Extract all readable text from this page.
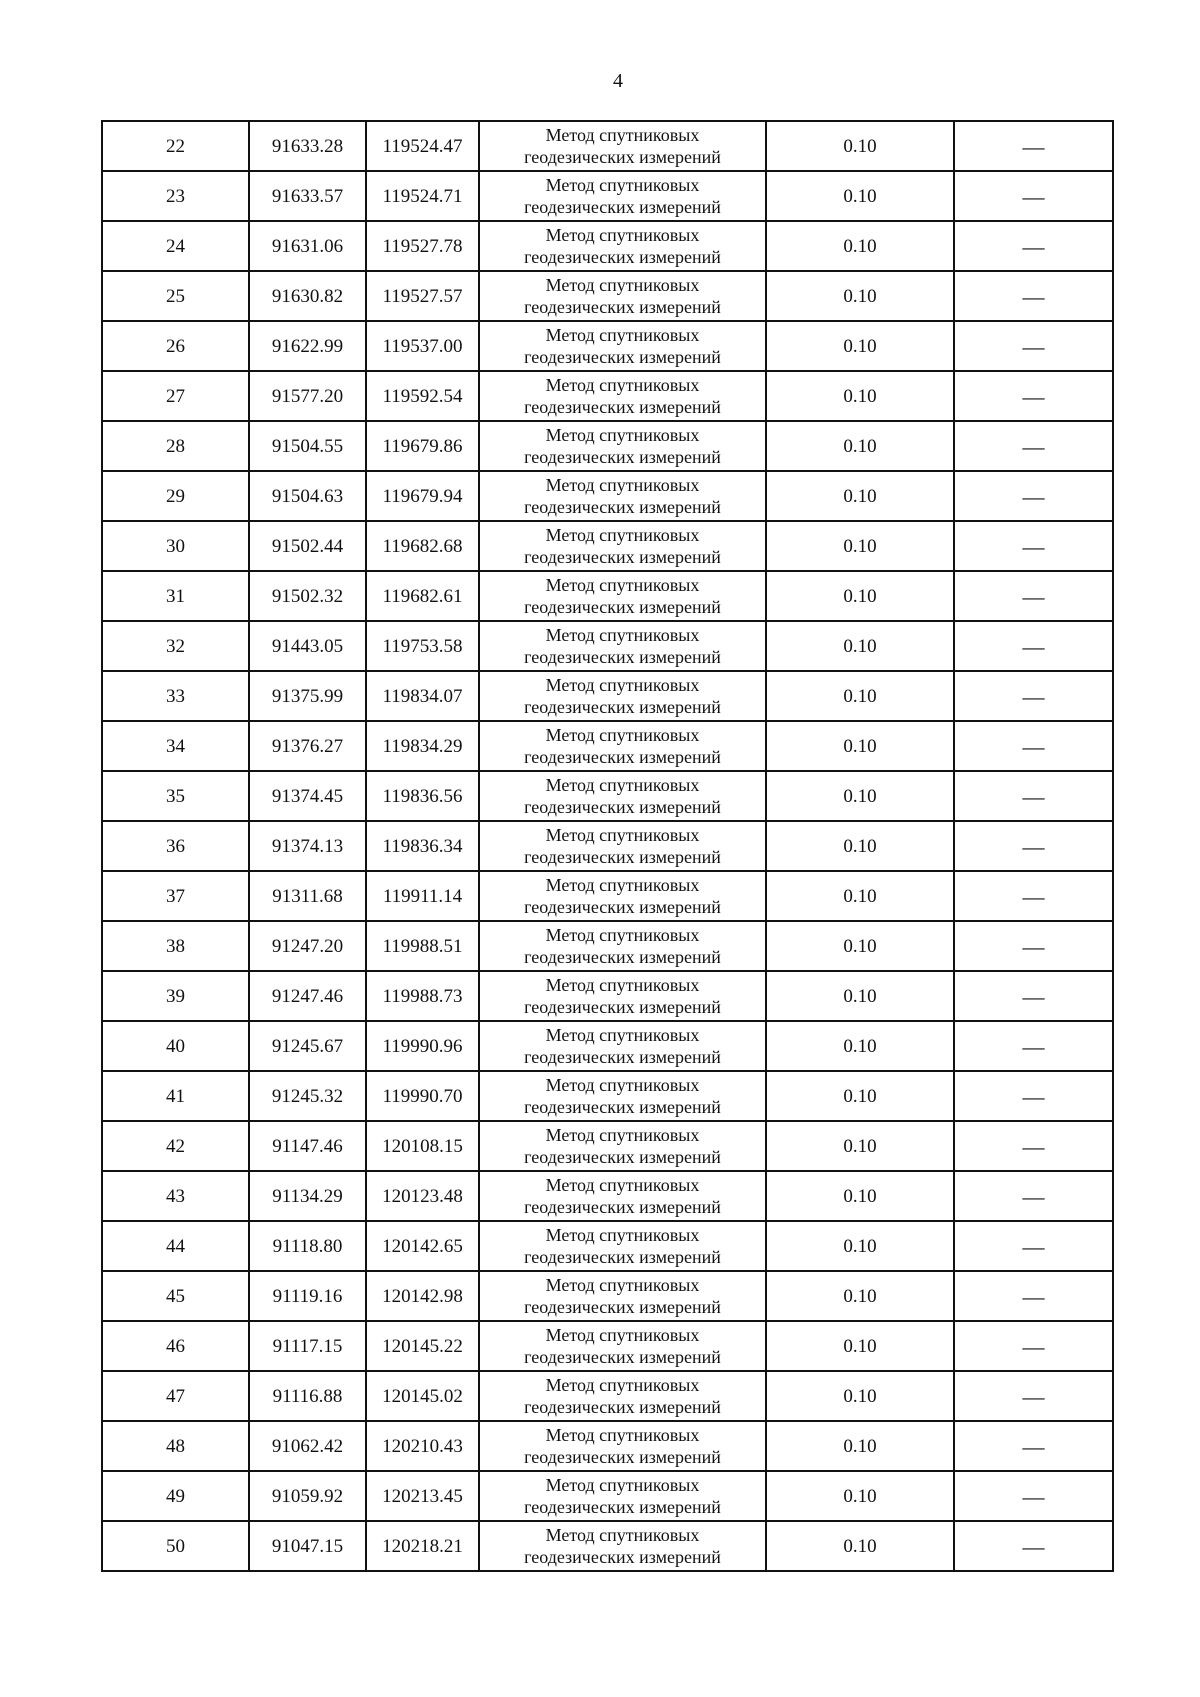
4
22	91633.28	119524.47	Метод спутниковых
геодезических измерений	0.10	—
23	91633.57	119524.71	Метод спутниковых
геодезических измерений	0.10	—
24	91631.06	119527.78	Метод спутниковых
геодезических измерений	0.10	—
25	91630.82	119527.57	Метод спутниковых
геодезических измерений	0.10	—
26	91622.99	119537.00	Метод спутниковых
геодезических измерений	0.10	—
27	91577.20	119592.54	Метод спутниковых
геодезических измерений	0.10	—
28	91504.55	119679.86	Метод спутниковых
геодезических измерений	0.10	—
29	91504.63	119679.94	Метод спутниковых
геодезических измерений	0.10	—
30	91502.44	119682.68	Метод спутниковых
геодезических измерений	0.10	—
31	91502.32	119682.61	Метод спутниковых
геодезических измерений	0.10	—
32	91443.05	119753.58	Метод спутниковых
геодезических измерений	0.10	—
33	91375.99	119834.07	Метод спутниковых
геодезических измерений	0.10	—
34	91376.27	119834.29	Метод спутниковых
геодезических измерений	0.10	—
35	91374.45	119836.56	Метод спутниковых
геодезических измерений	0.10	—
36	91374.13	119836.34	Метод спутниковых
геодезических измерений	0.10	—
37	91311.68	119911.14	Метод спутниковых
геодезических измерений	0.10	—
38	91247.20	119988.51	Метод спутниковых
геодезических измерений	0.10	—
39	91247.46	119988.73	Метод спутниковых
геодезических измерений	0.10	—
40	91245.67	119990.96	Метод спутниковых
геодезических измерений	0.10	—
41	91245.32	119990.70	Метод спутниковых
геодезических измерений	0.10	—
42	91147.46	120108.15	Метод спутниковых
геодезических измерений	0.10	—
43	91134.29	120123.48	Метод спутниковых
геодезических измерений	0.10	—
44	91118.80	120142.65	Метод спутниковых
геодезических измерений	0.10	—
45	91119.16	120142.98	Метод спутниковых
геодезических измерений	0.10	—
46	91117.15	120145.22	Метод спутниковых
геодезических измерений	0.10	—
47	91116.88	120145.02	Метод спутниковых
геодезических измерений	0.10	—
48	91062.42	120210.43	Метод спутниковых
геодезических измерений	0.10	—
49	91059.92	120213.45	Метод спутниковых
геодезических измерений	0.10	—
50	91047.15	120218.21	Метод спутниковых
геодезических измерений	0.10	—
